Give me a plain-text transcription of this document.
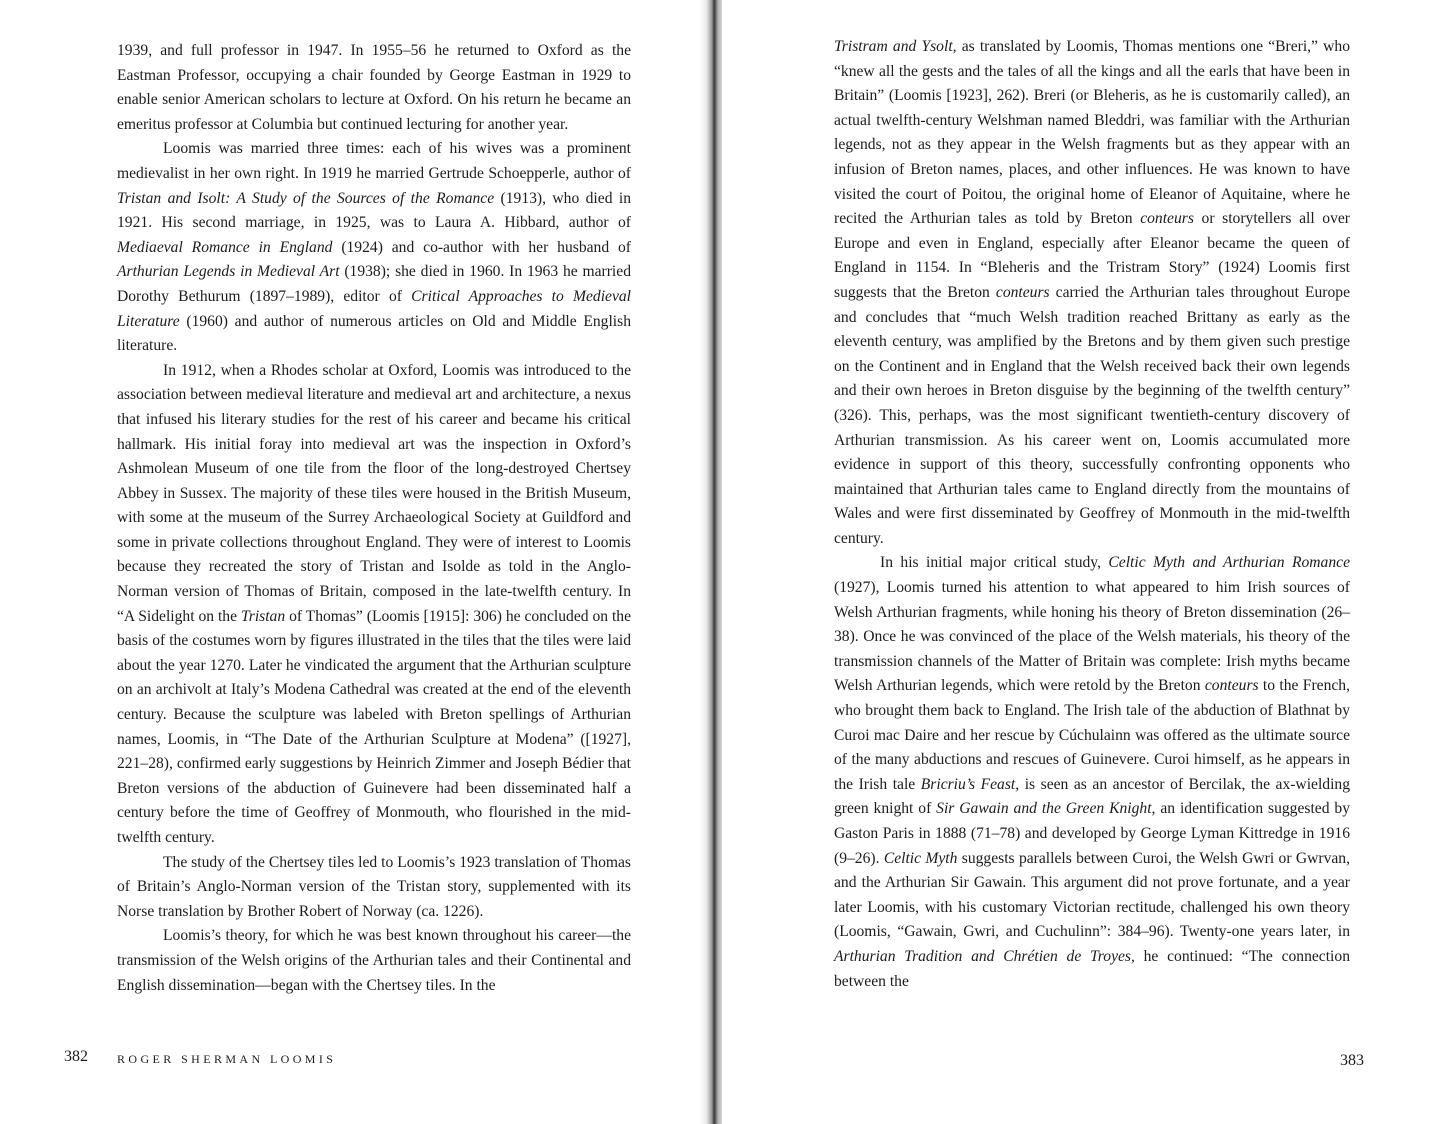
1939, and full professor in 1947. In 1955–56 he returned to Oxford as the Eastman Professor, occupying a chair founded by George Eastman in 1929 to enable senior American scholars to lecture at Oxford. On his return he became an emeritus professor at Columbia but continued lecturing for another year.

Loomis was married three times: each of his wives was a prominent medievalist in her own right. In 1919 he married Gertrude Schoepperle, author of Tristan and Isolt: A Study of the Sources of the Romance (1913), who died in 1921. His second marriage, in 1925, was to Laura A. Hibbard, author of Mediaeval Romance in England (1924) and co-author with her husband of Arthurian Legends in Medieval Art (1938); she died in 1960. In 1963 he married Dorothy Bethurum (1897–1989), editor of Critical Approaches to Medieval Literature (1960) and author of numerous articles on Old and Middle English literature.

In 1912, when a Rhodes scholar at Oxford, Loomis was introduced to the association between medieval literature and medieval art and architecture, a nexus that infused his literary studies for the rest of his career and became his critical hallmark. His initial foray into medieval art was the inspection in Oxford’s Ashmolean Museum of one tile from the floor of the long-destroyed Chertsey Abbey in Sussex. The majority of these tiles were housed in the British Museum, with some at the museum of the Surrey Archaeological Society at Guildford and some in private collections throughout England. They were of interest to Loomis because they recreated the story of Tristan and Isolde as told in the Anglo-Norman version of Thomas of Britain, composed in the late-twelfth century. In “A Sidelight on the Tristan of Thomas” (Loomis [1915]: 306) he concluded on the basis of the costumes worn by figures illustrated in the tiles that the tiles were laid about the year 1270. Later he vindicated the argument that the Arthurian sculpture on an archivolt at Italy’s Modena Cathedral was created at the end of the eleventh century. Because the sculpture was labeled with Breton spellings of Arthurian names, Loomis, in “The Date of the Arthurian Sculpture at Modena” ([1927], 221–28), confirmed early suggestions by Heinrich Zimmer and Joseph Bédier that Breton versions of the abduction of Guinevere had been disseminated half a century before the time of Geoffrey of Monmouth, who flourished in the mid-twelfth century.

The study of the Chertsey tiles led to Loomis’s 1923 translation of Thomas of Britain’s Anglo-Norman version of the Tristan story, supplemented with its Norse translation by Brother Robert of Norway (ca. 1226).

Loomis’s theory, for which he was best known throughout his career—the transmission of the Welsh origins of the Arthurian tales and their Continental and English dissemination—began with the Chertsey tiles. In the

382 ROGER SHERMAN LOOMIS

Tristram and Ysolt, as translated by Loomis, Thomas mentions one “Breri,” who “knew all the gests and the tales of all the kings and all the earls that have been in Britain” (Loomis [1923], 262). Breri (or Bleheris, as he is customarily called), an actual twelfth-century Welshman named Bleddri, was familiar with the Arthurian legends, not as they appear in the Welsh fragments but as they appear with an infusion of Breton names, places, and other influences. He was known to have visited the court of Poitou, the original home of Eleanor of Aquitaine, where he recited the Arthurian tales as told by Breton conteurs or storytellers all over Europe and even in England, especially after Eleanor became the queen of England in 1154. In “Bleheris and the Tristram Story” (1924) Loomis first suggests that the Breton conteurs carried the Arthurian tales throughout Europe and concludes that “much Welsh tradition reached Brittany as early as the eleventh century, was amplified by the Bretons and by them given such prestige on the Continent and in England that the Welsh received back their own legends and their own heroes in Breton disguise by the beginning of the twelfth century” (326). This, perhaps, was the most significant twentieth-century discovery of Arthurian transmission. As his career went on, Loomis accumulated more evidence in support of this theory, successfully confronting opponents who maintained that Arthurian tales came to England directly from the mountains of Wales and were first disseminated by Geoffrey of Monmouth in the mid-twelfth century.

In his initial major critical study, Celtic Myth and Arthurian Romance (1927), Loomis turned his attention to what appeared to him Irish sources of Welsh Arthurian fragments, while honing his theory of Breton dissemination (26–38). Once he was convinced of the place of the Welsh materials, his theory of the transmission channels of the Matter of Britain was complete: Irish myths became Welsh Arthurian legends, which were retold by the Breton conteurs to the French, who brought them back to England. The Irish tale of the abduction of Blathnat by Curoi mac Daire and her rescue by Cúchulainn was offered as the ultimate source of the many abductions and rescues of Guinevere. Curoi himself, as he appears in the Irish tale Bricriu’s Feast, is seen as an ancestor of Bercilak, the ax-wielding green knight of Sir Gawain and the Green Knight, an identification suggested by Gaston Paris in 1888 (71–78) and developed by George Lyman Kittredge in 1916 (9–26). Celtic Myth suggests parallels between Curoi, the Welsh Gwri or Gwrvan, and the Arthurian Sir Gawain. This argument did not prove fortunate, and a year later Loomis, with his customary Victorian rectitude, challenged his own theory (Loomis, “Gawain, Gwri, and Cuchulinn”: 384–96). Twenty-one years later, in Arthurian Tradition and Chrétien de Troyes, he continued: “The connection between the

383
